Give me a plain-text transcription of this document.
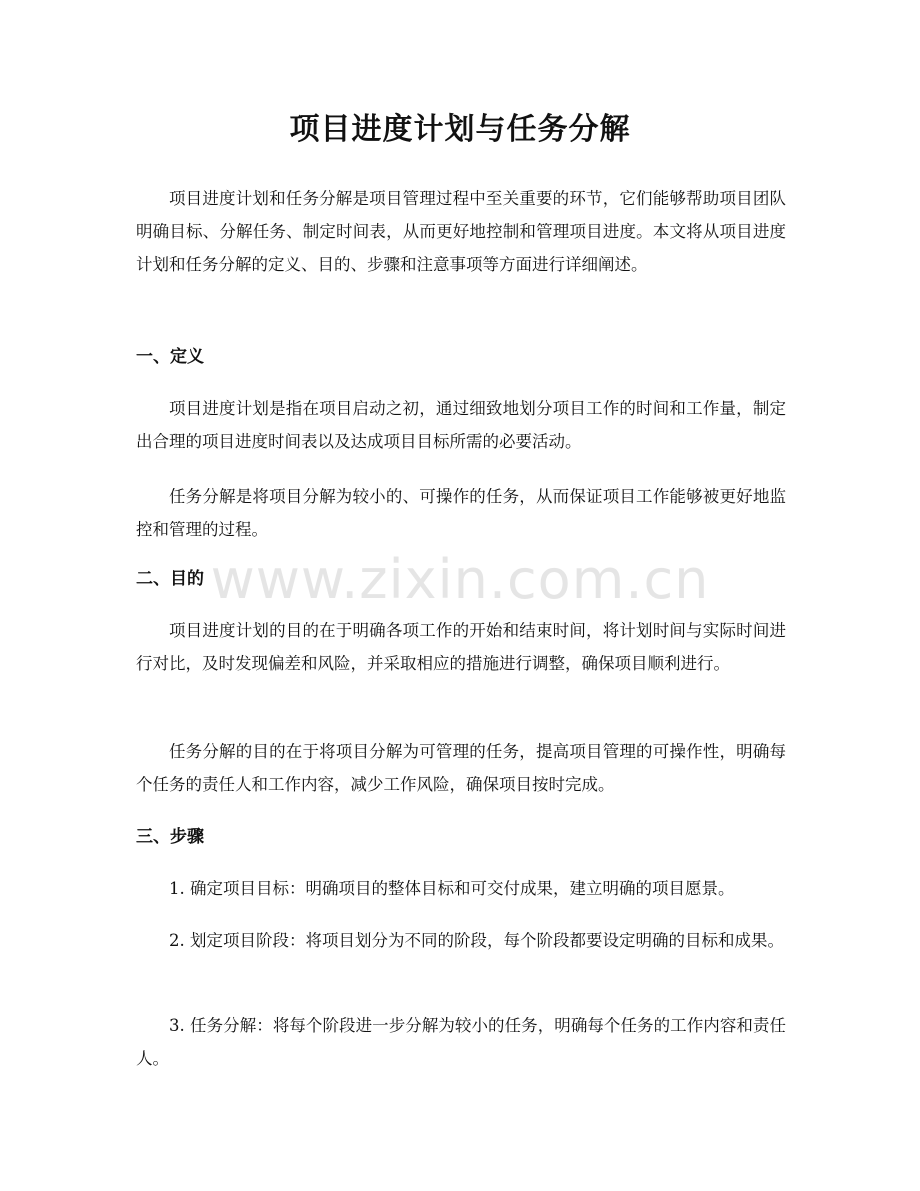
项目进度计划与任务分解

项目进度计划和任务分解是项目管理过程中至关重要的环节，它们能够帮助项目团队明确目标、分解任务、制定时间表，从而更好地控制和管理项目进度。本文将从项目进度计划和任务分解的定义、目的、步骤和注意事项等方面进行详细阐述。

一、定义

项目进度计划是指在项目启动之初，通过细致地划分项目工作的时间和工作量，制定出合理的项目进度时间表以及达成项目目标所需的必要活动。

任务分解是将项目分解为较小的、可操作的任务，从而保证项目工作能够被更好地监控和管理的过程。

二、目的

项目进度计划的目的在于明确各项工作的开始和结束时间，将计划时间与实际时间进行对比，及时发现偏差和风险，并采取相应的措施进行调整，确保项目顺利进行。

任务分解的目的在于将项目分解为可管理的任务，提高项目管理的可操作性，明确每个任务的责任人和工作内容，减少工作风险，确保项目按时完成。

三、步骤

1. 确定项目目标：明确项目的整体目标和可交付成果，建立明确的项目愿景。

2. 划定项目阶段：将项目划分为不同的阶段，每个阶段都要设定明确的目标和成果。

3. 任务分解：将每个阶段进一步分解为较小的任务，明确每个任务的工作内容和责任人。

www.zixin.com.cn
